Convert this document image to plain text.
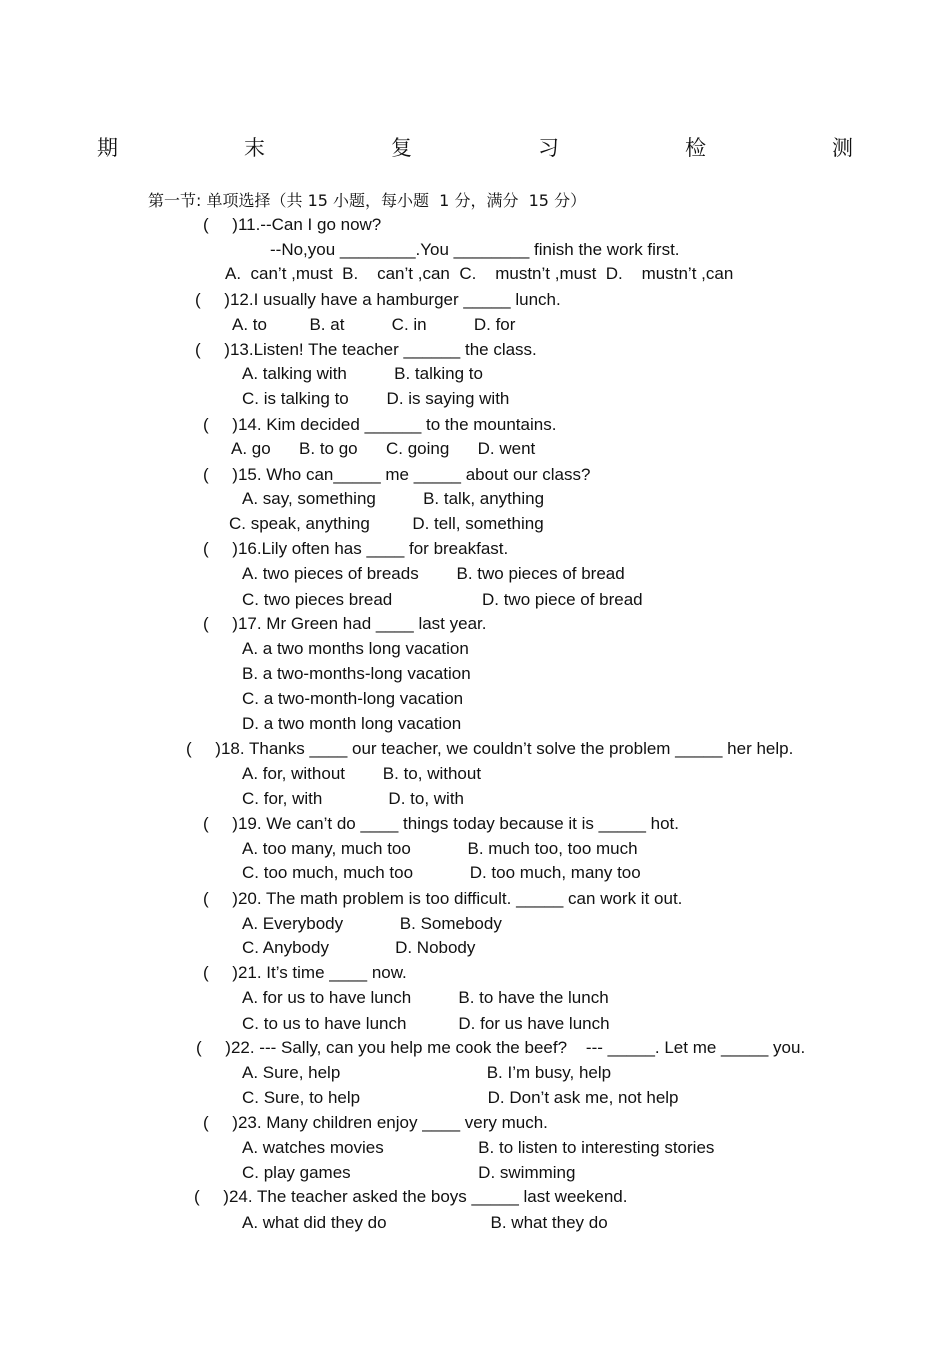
期	末	复	习	检	测
第一节: 单项选择（共 15 小题，每小题  1 分，满分  15 分）
(     )11.--Can I go now?
--No,you ________.You ________ finish the work first.
A.  can’t ,must  B.    can’t ,can  C.    mustn’t ,must  D.    mustn’t ,can
(     )12.I usually have a hamburger _____ lunch.
A. to         B. at          C. in          D. for
(     )13.Listen! The teacher ______ the class.
A. talking with          B. talking to
C. is talking to        D. is saying with
(     )14. Kim decided ______ to the mountains.
A. go      B. to go      C. going      D. went
(     )15. Who can_____ me _____ about our class?
A. say, something          B. talk, anything
C. speak, anything         D. tell, something
(     )16.Lily often has ____ for breakfast.
A. two pieces of breads        B. two pieces of bread
C. two pieces bread                   D. two piece of bread
(     )17. Mr Green had ____ last year.
A. a two months long vacation
B. a two-months-long vacation
C. a two-month-long vacation
D. a two month long vacation
(     )18. Thanks ____ our teacher, we couldn’t solve the problem _____ her help.
A. for, without        B. to, without
C. for, with              D. to, with
(     )19. We can’t do ____ things today because it is _____ hot.
A. too many, much too            B. much too, too much
C. too much, much too            D. too much, many too
(     )20. The math problem is too difficult. _____ can work it out.
A. Everybody            B. Somebody
C. Anybody              D. Nobody
(     )21. It’s time ____ now.
A. for us to have lunch          B. to have the lunch
C. to us to have lunch           D. for us have lunch
(     )22. --- Sally, can you help me cook the beef?    --- _____. Let me _____ you.
A. Sure, help                               B. I’m busy, help
C. Sure, to help                           D. Don’t ask me, not help
(     )23. Many children enjoy ____ very much.
A. watches movies                    B. to listen to interesting stories
C. play games                           D. swimming
(     )24. The teacher asked the boys _____ last weekend.
A. what did they do                      B. what they do
